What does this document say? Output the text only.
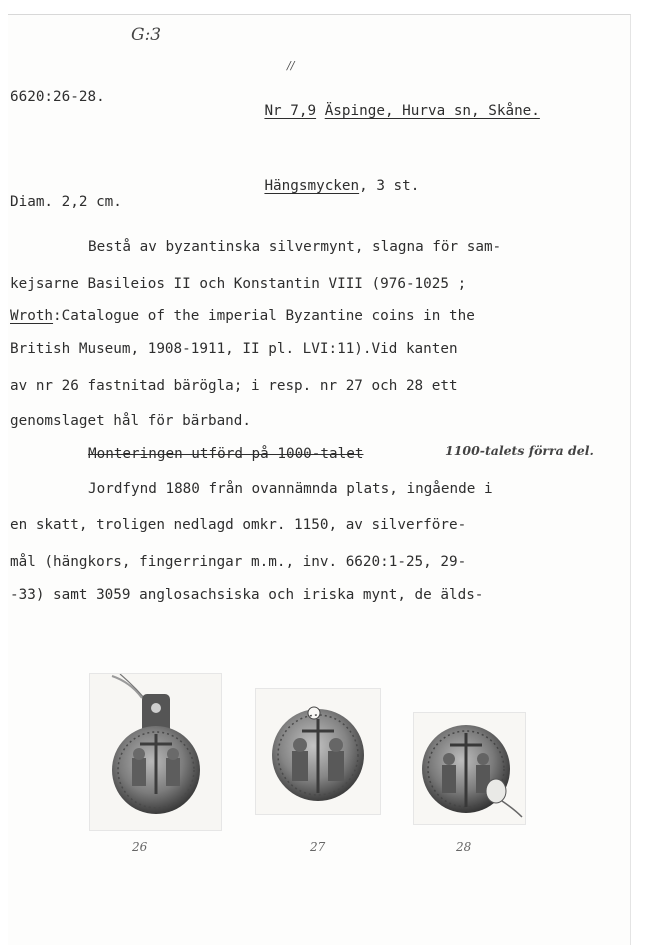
G:3
//
6620:26-28.

Nr 7,9 Äspinge, Hurva sn, Skåne.

Hängsmycken, 3 st.

Diam. 2,2 cm.
Bestå av byzantinska silvermynt, slagna för sam-
kejsarne Basileios II och Konstantin VIII (976-1025 ;
Wroth:Catalogue of the imperial Byzantine coins in the
British Museum, 1908-1911, II pl. LVI:11).Vid kanten
av nr 26 fastnitad bärögla; i resp. nr 27 och 28 ett
genomslaget hål för bärband.
Monteringen utförd på 1000-talet	1100-talets förra del.
Jordfynd 1880 från ovannämnda plats, ingående i
en skatt, troligen nedlagd omkr. 1150, av silverföre-
mål (hängkors, fingerringar m.m., inv. 6620:1-25, 29-
-33) samt 3059 anglosachsiska och iriska mynt, de älds-
26	27	28
